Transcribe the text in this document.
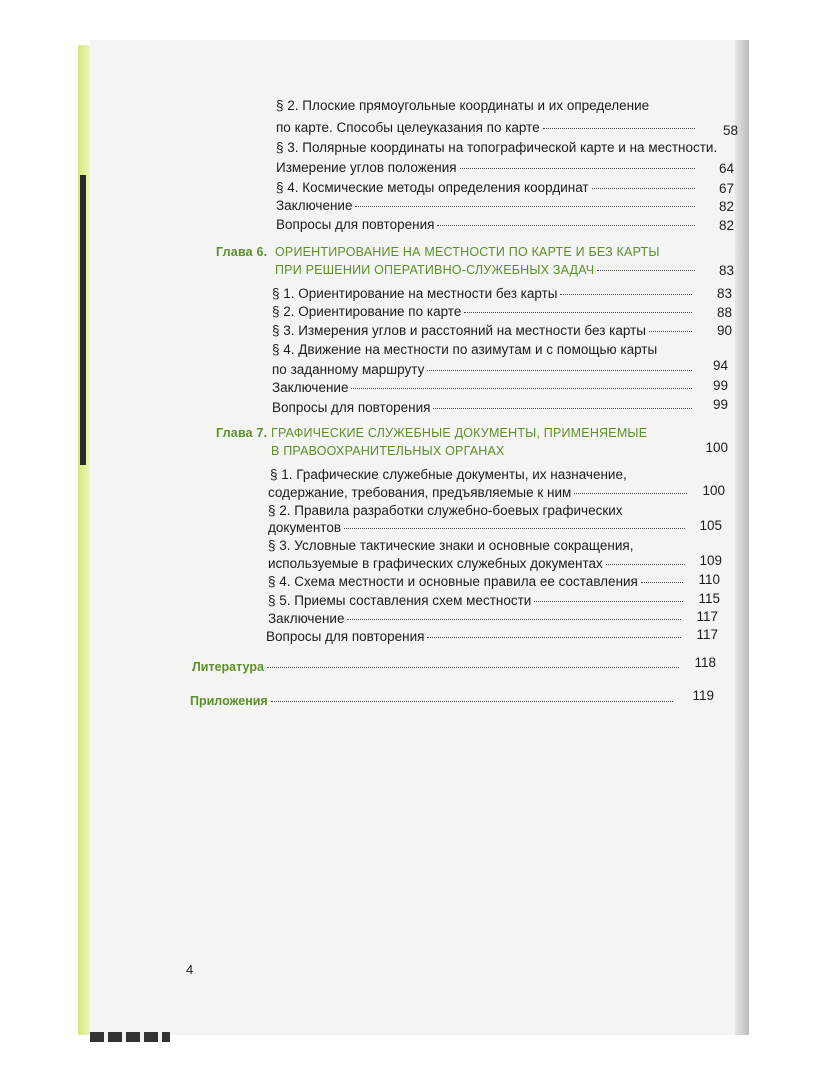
§ 2. Плоские прямоугольные координаты и их определение
по карте. Способы целеуказания по карте	58
§ 3. Полярные координаты на топографической карте и на местности.
Измерение углов положения	64
§ 4. Космические методы определения координат	67
Заключение	82
Вопросы для повторения	82
Глава 6. ОРИЕНТИРОВАНИЕ НА МЕСТНОСТИ ПО КАРТЕ И БЕЗ КАРТЫ
ПРИ РЕШЕНИИ ОПЕРАТИВНО-СЛУЖЕБНЫХ ЗАДАЧ	83
§ 1. Ориентирование на местности без карты	83
§ 2. Ориентирование по карте	88
§ 3. Измерения углов и расстояний на местности без карты	90
§ 4. Движение на местности по азимутам и с помощью карты
по заданному маршруту	94
Заключение	99
Вопросы для повторения	99
Глава 7. ГРАФИЧЕСКИЕ СЛУЖЕБНЫЕ ДОКУМЕНТЫ, ПРИМЕНЯЕМЫЕ
В ПРАВООХРАНИТЕЛЬНЫХ ОРГАНАХ	100
§ 1. Графические служебные документы, их назначение,
содержание, требования, предъявляемые к ним	100
§ 2. Правила разработки служебно-боевых графических
документов	105
§ 3. Условные тактические знаки и основные сокращения,
используемые в графических служебных документах	109
§ 4. Схема местности и основные правила ее составления	110
§ 5. Приемы составления схем местности	115
Заключение	117
Вопросы для повторения	117
Литература	118
Приложения	119
4
